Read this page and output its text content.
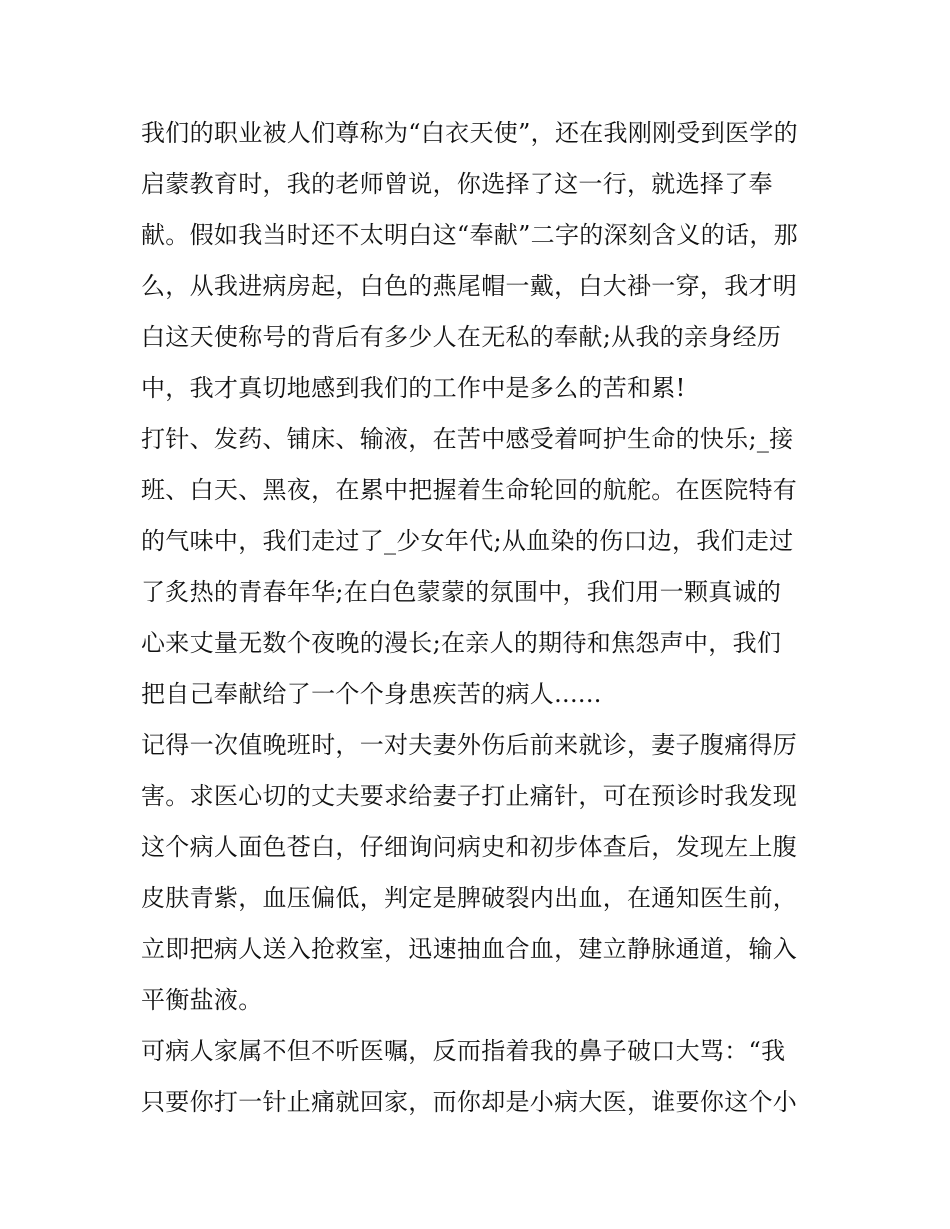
我们的职业被人们尊称为“白衣天使”，还在我刚刚受到医学的
启蒙教育时，我的老师曾说，你选择了这一行，就选择了奉
献。假如我当时还不太明白这“奉献”二字的深刻含义的话，那
么，从我进病房起，白色的燕尾帽一戴，白大褂一穿，我才明
白这天使称号的背后有多少人在无私的奉献;从我的亲身经历
中，我才真切地感到我们的工作中是多么的苦和累!
打针、发药、铺床、输液，在苦中感受着呵护生命的快乐;_接
班、白天、黑夜，在累中把握着生命轮回的航舵。在医院特有
的气味中，我们走过了_少女年代;从血染的伤口边，我们走过
了炙热的青春年华;在白色蒙蒙的氛围中，我们用一颗真诚的
心来丈量无数个夜晚的漫长;在亲人的期待和焦怨声中，我们
把自己奉献给了一个个身患疾苦的病人......
记得一次值晚班时，一对夫妻外伤后前来就诊，妻子腹痛得厉
害。求医心切的丈夫要求给妻子打止痛针，可在预诊时我发现
这个病人面色苍白，仔细询问病史和初步体查后，发现左上腹
皮肤青紫，血压偏低，判定是脾破裂内出血，在通知医生前，
立即把病人送入抢救室，迅速抽血合血，建立静脉通道，输入
平衡盐液。
可病人家属不但不听医嘱，反而指着我的鼻子破口大骂：“我
只要你打一针止痛就回家，而你却是小病大医，谁要你这个小
